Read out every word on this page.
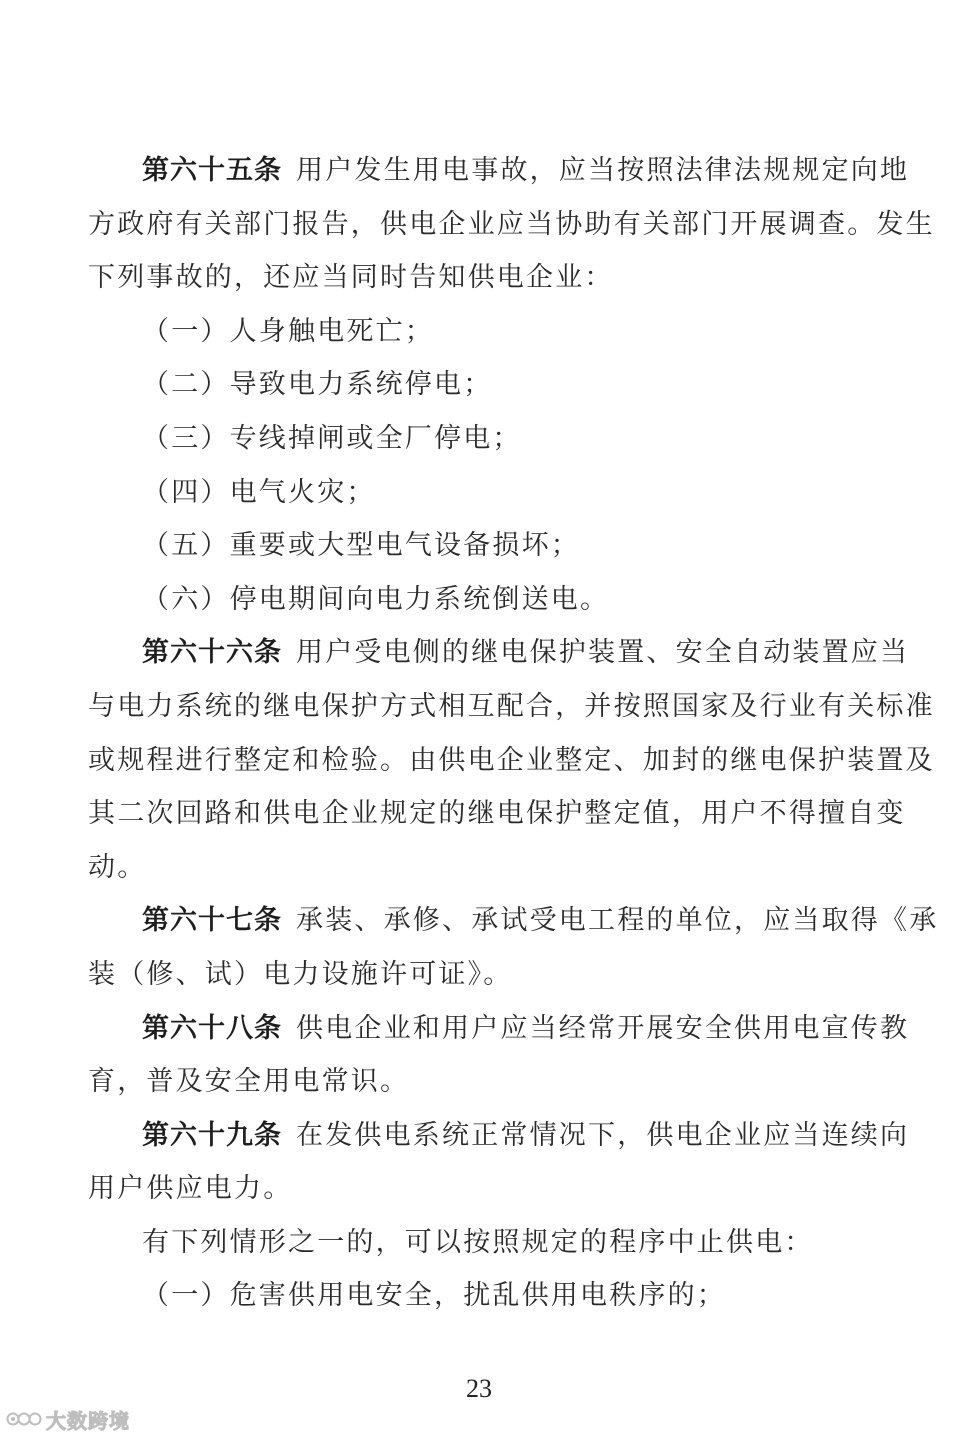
第六十五条 用户发生用电事故，应当按照法律法规规定向地
方政府有关部门报告，供电企业应当协助有关部门开展调查。发生
下列事故的，还应当同时告知供电企业：
（一）人身触电死亡；
（二）导致电力系统停电；
（三）专线掉闸或全厂停电；
（四）电气火灾；
（五）重要或大型电气设备损坏；
（六）停电期间向电力系统倒送电。
第六十六条 用户受电侧的继电保护装置、安全自动装置应当
与电力系统的继电保护方式相互配合，并按照国家及行业有关标准
或规程进行整定和检验。由供电企业整定、加封的继电保护装置及
其二次回路和供电企业规定的继电保护整定值，用户不得擅自变
动。
第六十七条 承装、承修、承试受电工程的单位，应当取得《承
装（修、试）电力设施许可证》。
第六十八条 供电企业和用户应当经常开展安全供用电宣传教
育，普及安全用电常识。
第六十九条 在发供电系统正常情况下，供电企业应当连续向
用户供应电力。
有下列情形之一的，可以按照规定的程序中止供电：
（一）危害供用电安全，扰乱供用电秩序的；
23
大数跨境
